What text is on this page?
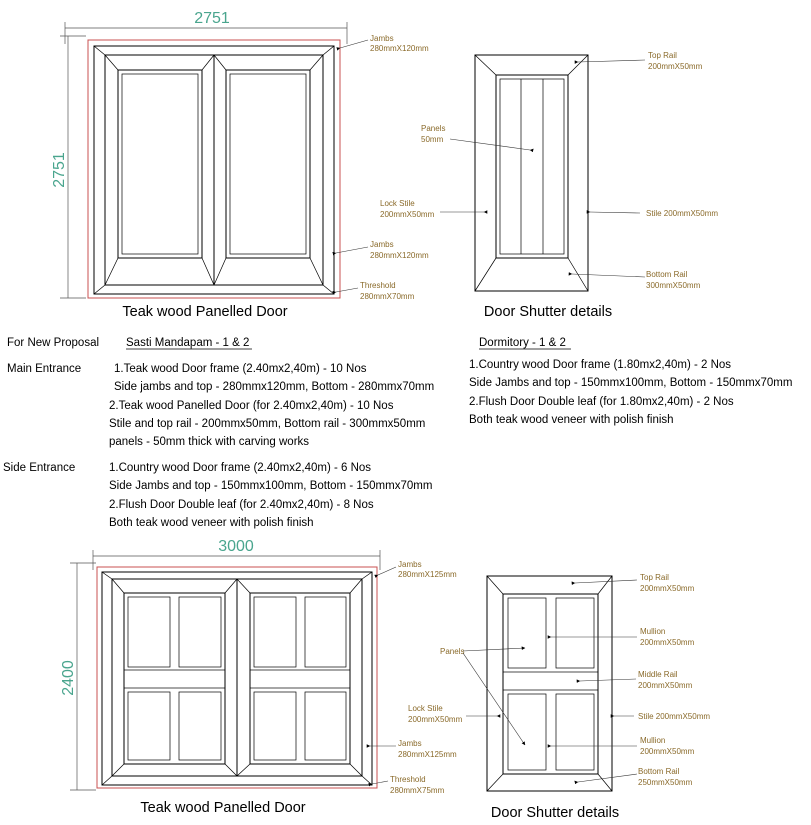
2751
2751
Jambs
280mmX120mm
Jambs
280mmX120mm
Threshold
280mmX70mm
Teak wood Panelled Door
Top Rail
200mmX50mm
Panels
50mm
Lock Stile
200mmX50mm	Stile 200mmX50mm
Bottom Rail
300mmX50mm
Door Shutter details
For New Proposal Sasti Mandapam - 1 & 2	Dormitory - 1 & 2
Main Entrance	1.Teak wood Door frame (2.40mx2,40m) - 10 Nos
Side jambs and top - 280mmx120mm, Bottom - 280mmx70mm
2.Teak wood Panelled Door (for 2.40mx2,40m) - 10 Nos
Stile and top rail - 200mmx50mm, Bottom rail - 300mmx50mm
panels - 50mm thick with carving works
1.Country wood Door frame (1.80mx2,40m) - 2 Nos
Side Jambs and top - 150mmx100mm, Bottom - 150mmx70mm
2.Flush Door Double leaf (for 1.80mx2,40m) - 2 Nos
Both teak wood veneer with polish finish
Side Entrance	1.Country wood Door frame (2.40mx2,40m) - 6 Nos
Side Jambs and top - 150mmx100mm, Bottom - 150mmx70mm
2.Flush Door Double leaf (for 2.40mx2,40m) - 8 Nos
Both teak wood veneer with polish finish
3000
2400
Jambs
280mmX125mm
Jambs
280mmX125mm
Threshold
280mmX75mm
Teak wood Panelled Door
Top Rail
200mmX50mm
Mullion
200mmX50mm
Middle Rail
200mmX50mm
Panels
Lock Stile
200mmX50mm	Stile 200mmX50mm
Mullion
200mmX50mm
Bottom Rail
250mmX50mm
Door Shutter details
